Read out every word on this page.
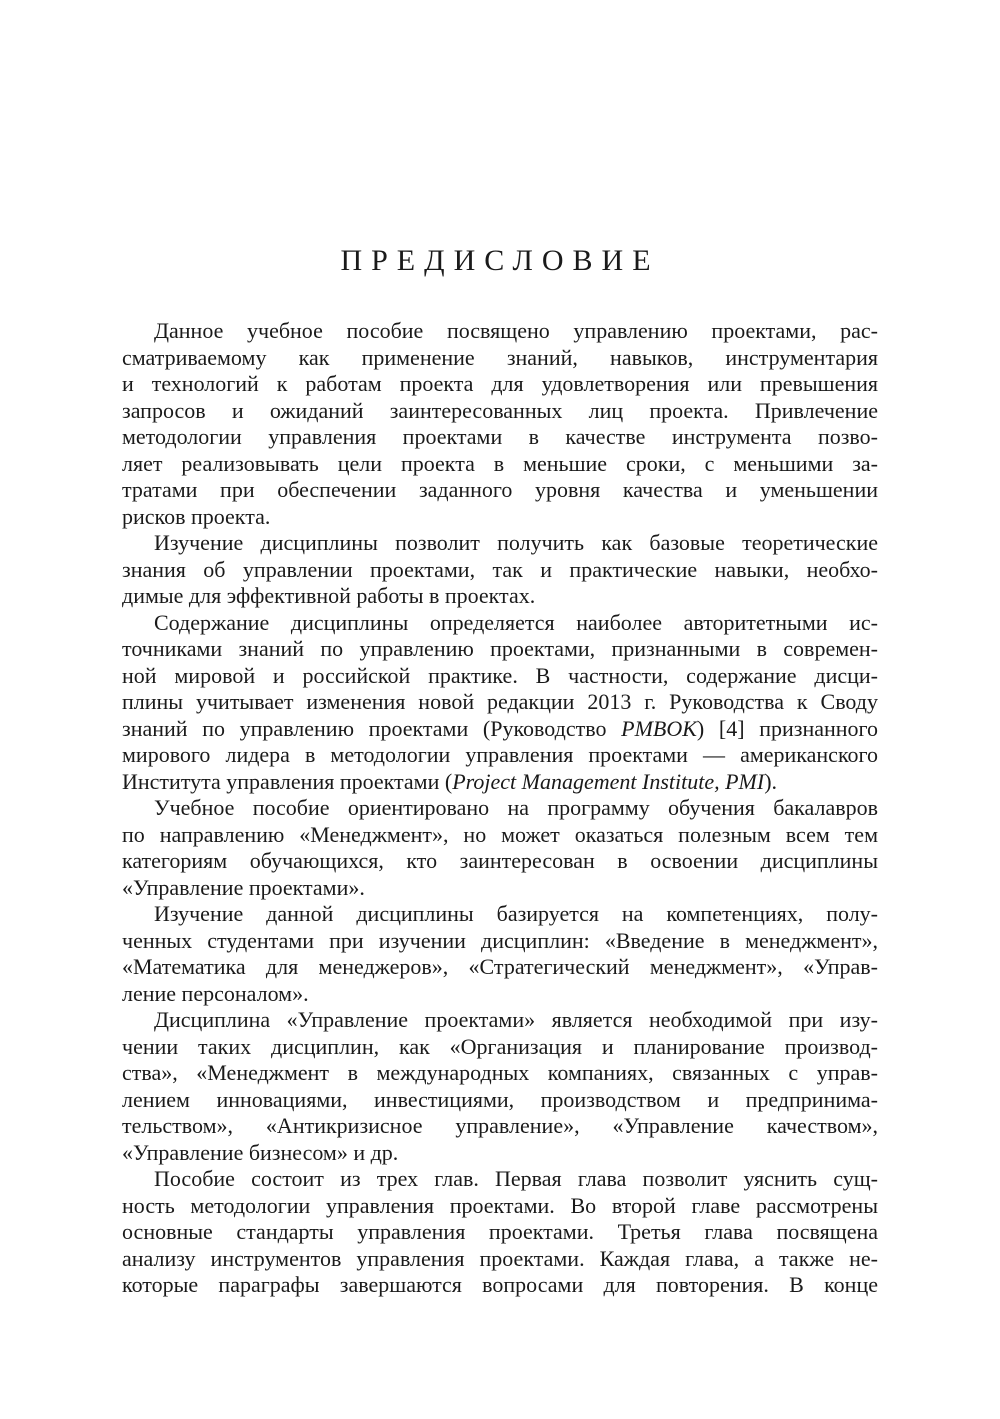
ПРЕДИСЛОВИЕ

Данное учебное пособие посвящено управлению проектами, рас-
сматриваемому как применение знаний, навыков, инструментария
и технологий к работам проекта для удовлетворения или превышения
запросов и ожиданий заинтересованных лиц проекта. Привлечение
методологии управления проектами в качестве инструмента позво-
ляет реализовывать цели проекта в меньшие сроки, с меньшими за-
тратами при обеспечении заданного уровня качества и уменьшении
рисков проекта.

Изучение дисциплины позволит получить как базовые теоретические
знания об управлении проектами, так и практические навыки, необхо-
димые для эффективной работы в проектах.

Содержание дисциплины определяется наиболее авторитетными ис-
точниками знаний по управлению проектами, признанными в современ-
ной мировой и российской практике. В частности, содержание дисци-
плины учитывает изменения новой редакции 2013 г. Руководства к Своду
знаний по управлению проектами (Руководство PMBOK) [4] признанного
мирового лидера в методологии управления проектами — американского
Института управления проектами (Project Management Institute, PMI).

Учебное пособие ориентировано на программу обучения бакалавров
по направлению «Менеджмент», но может оказаться полезным всем тем
категориям обучающихся, кто заинтересован в освоении дисциплины
«Управление проектами».

Изучение данной дисциплины базируется на компетенциях, полу-
ченных студентами при изучении дисциплин: «Введение в менеджмент»,
«Математика для менеджеров», «Стратегический менеджмент», «Управ-
ление персоналом».

Дисциплина «Управление проектами» является необходимой при изу-
чении таких дисциплин, как «Организация и планирование производ-
ства», «Менеджмент в международных компаниях, связанных с управ-
лением инновациями, инвестициями, производством и предпринима-
тельством», «Антикризисное управление», «Управление качеством»,
«Управление бизнесом» и др.

Пособие состоит из трех глав. Первая глава позволит уяснить сущ-
ность методологии управления проектами. Во второй главе рассмотрены
основные стандарты управления проектами. Третья глава посвящена
анализу инструментов управления проектами. Каждая глава, а также не-
которые параграфы завершаются вопросами для повторения. В конце
